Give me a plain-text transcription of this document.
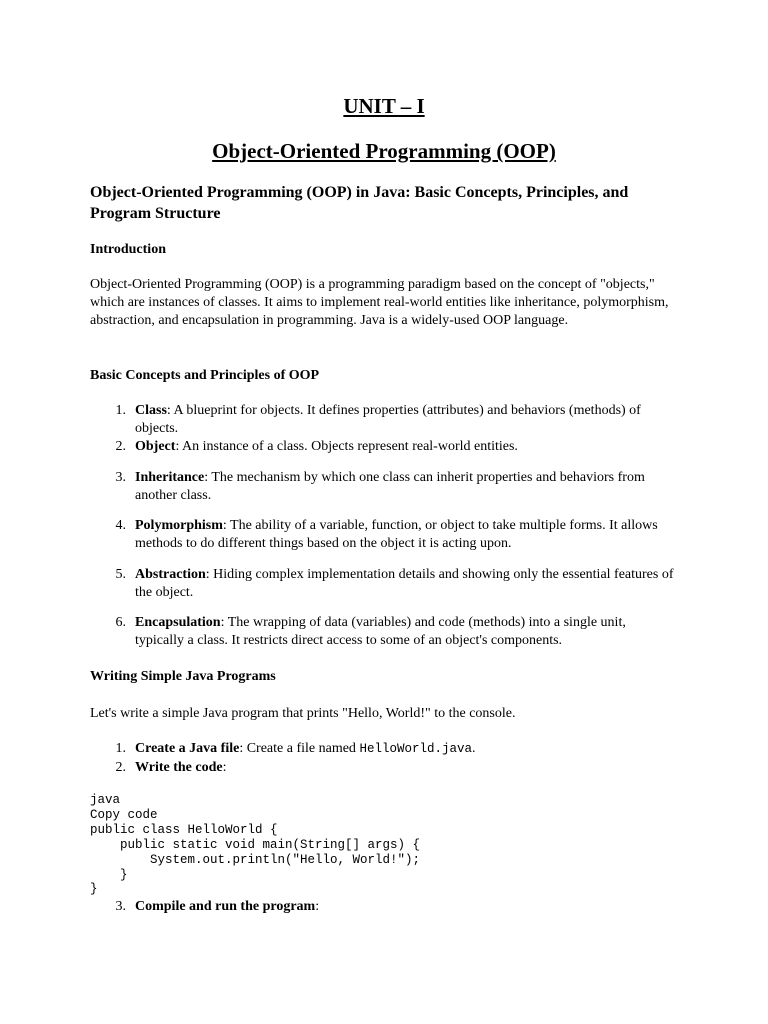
UNIT – I
Object-Oriented Programming (OOP)
Object-Oriented Programming (OOP) in Java: Basic Concepts, Principles, and Program Structure
Introduction

Object-Oriented Programming (OOP) is a programming paradigm based on the concept of "objects," which are instances of classes. It aims to implement real-world entities like inheritance, polymorphism, abstraction, and encapsulation in programming. Java is a widely-used OOP language.

Basic Concepts and Principles of OOP
1. Class: A blueprint for objects. It defines properties (attributes) and behaviors (methods) of objects.
2. Object: An instance of a class. Objects represent real-world entities.
3. Inheritance: The mechanism by which one class can inherit properties and behaviors from another class.
4. Polymorphism: The ability of a variable, function, or object to take multiple forms. It allows methods to do different things based on the object it is acting upon.
5. Abstraction: Hiding complex implementation details and showing only the essential features of the object.
6. Encapsulation: The wrapping of data (variables) and code (methods) into a single unit, typically a class. It restricts direct access to some of an object's components.
Writing Simple Java Programs

Let's write a simple Java program that prints "Hello, World!" to the console.

1. Create a Java file: Create a file named HelloWorld.java.
2. Write the code:
java
Copy code
public class HelloWorld {
public static void main(String[] args) {
System.out.println("Hello, World!");
}
}
3. Compile and run the program:
